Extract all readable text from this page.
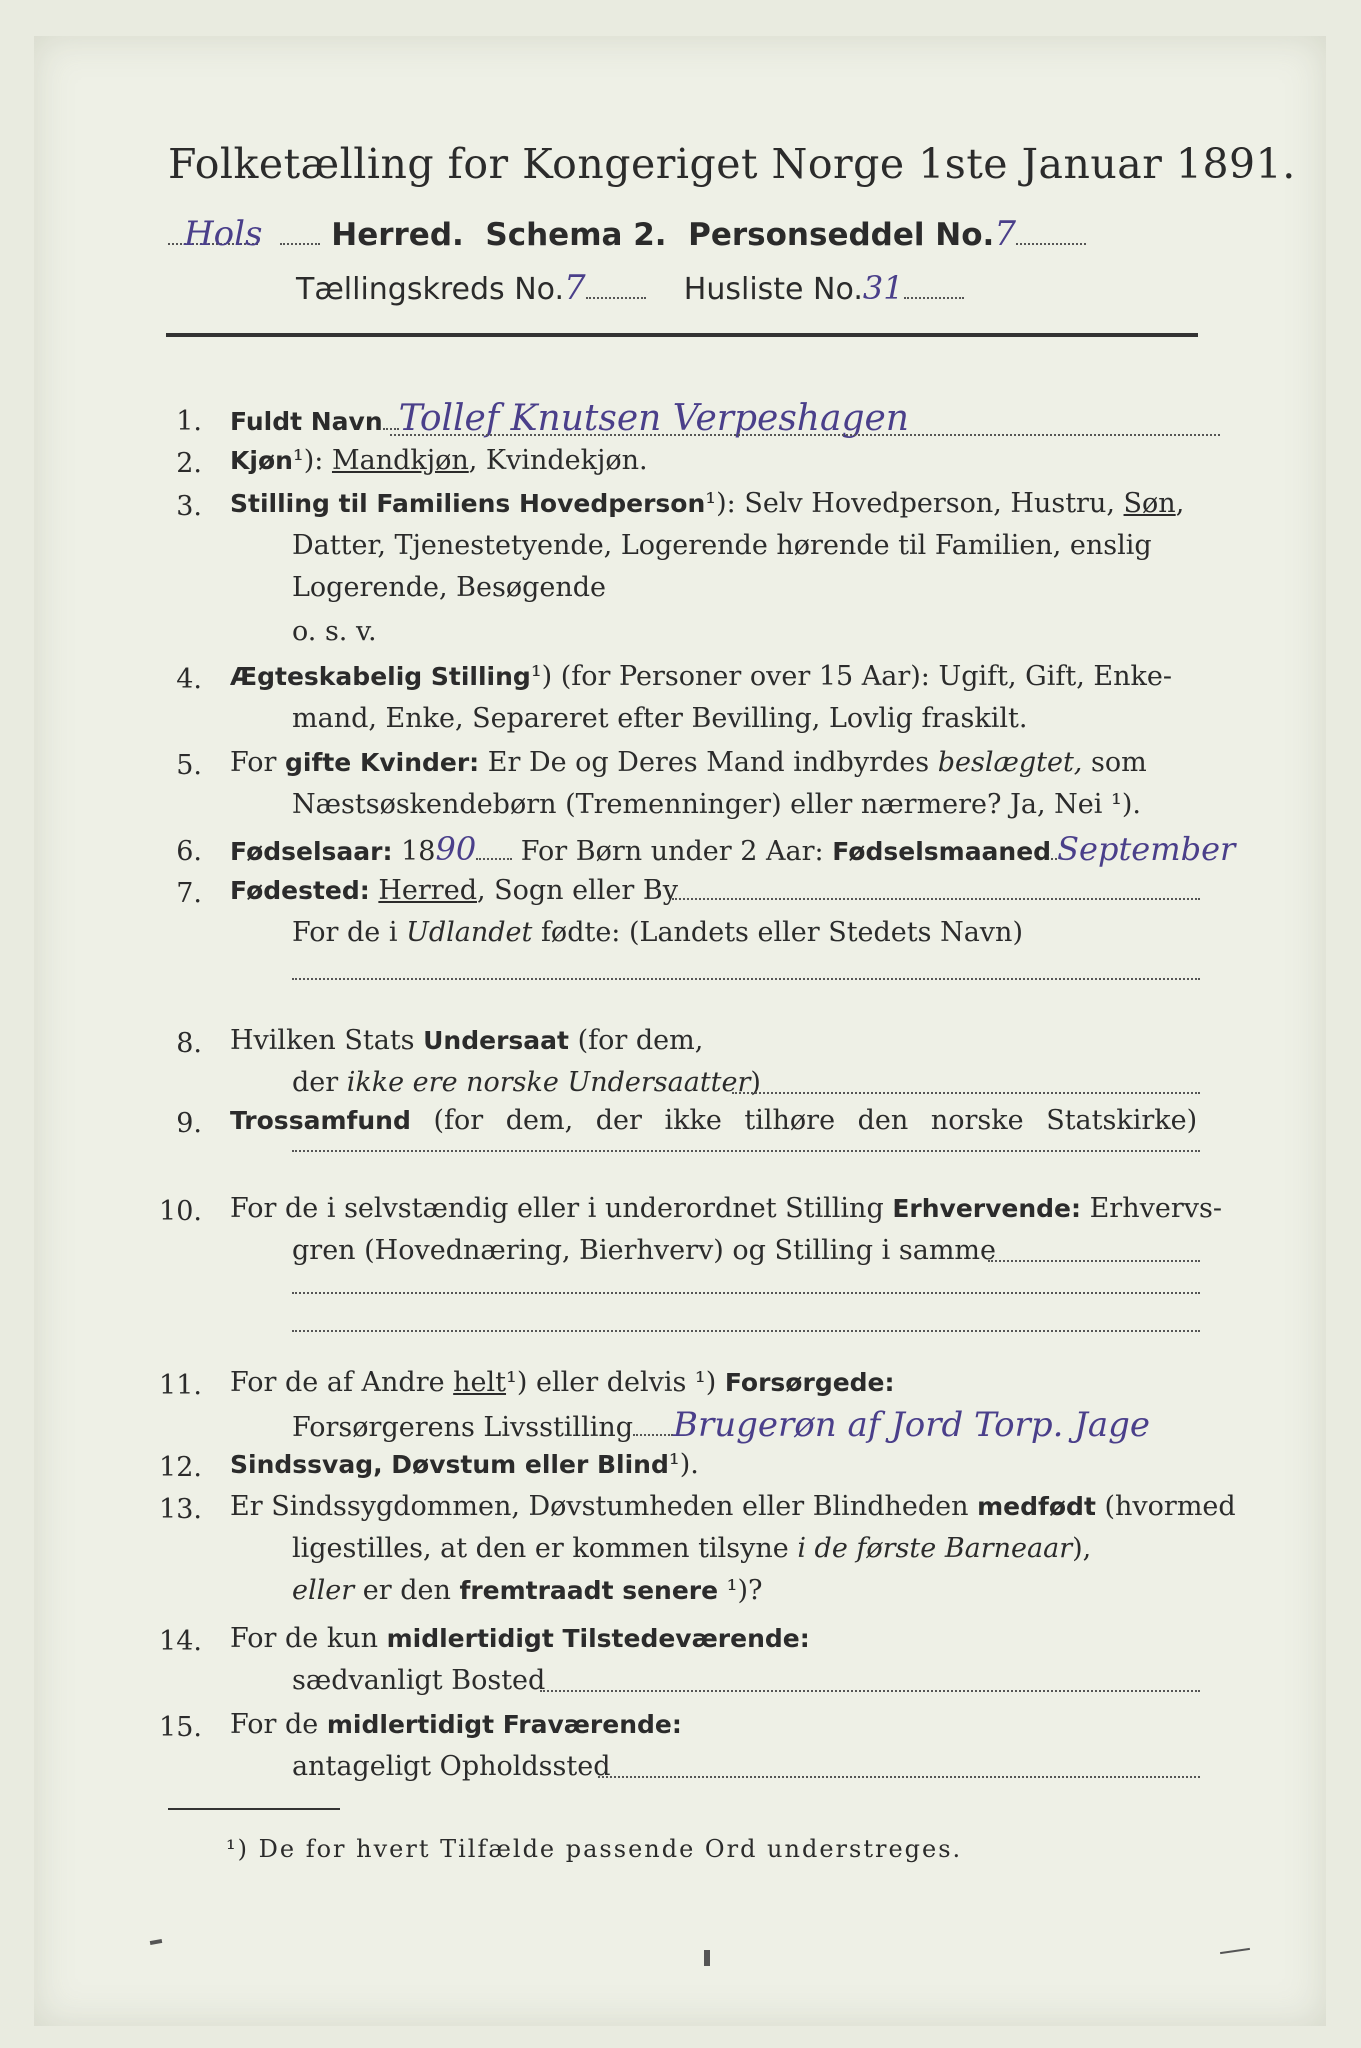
Folketælling for Kongeriget Norge 1ste Januar 1891.
Hols Herred. Schema 2. Personseddel No.7
Tællingskreds No.7	Husliste No.31
1. Fuldt Navn Tollef Knutsen Verpeshagen
2. Kjøn¹): Mandkjøn, Kvindekjøn.
3. Stilling til Familiens Hovedperson¹): Selv Hovedperson, Hustru, Søn,
Datter, Tjenestetyende, Logerende hørende til Familien, enslig
Logerende, Besøgende
o. s. v.
4. Ægteskabelig Stilling¹) (for Personer over 15 Aar): Ugift, Gift, Enke-
mand, Enke, Separeret efter Bevilling, Lovlig fraskilt.
5. For gifte Kvinder: Er De og Deres Mand indbyrdes beslægtet, som
Næstsøskendebørn (Tremenninger) eller nærmere? Ja, Nei ¹).
6. Fødselsaar: 1890 For Børn under 2 Aar: Fødselsmaaned September
7. Fødested: Herred, Sogn eller By
For de i Udlandet fødte: (Landets eller Stedets Navn)
8. Hvilken Stats Undersaat (for dem,
der ikke ere norske Undersaatter)
9. Trossamfund (for dem, der ikke tilhøre den norske Statskirke)
10. For de i selvstændig eller i underordnet Stilling Erhvervende: Erhvervs-
gren (Hovednæring, Bierhverv) og Stilling i samme
11. For de af Andre helt¹) eller delvis ¹) Forsørgede:
Forsørgerens Livsstilling Brugerøn af Jord Torp. Jage
12. Sindssvag, Døvstum eller Blind¹).
13. Er Sindssygdommen, Døvstumheden eller Blindheden medfødt (hvormed
ligestilles, at den er kommen tilsyne i de første Barneaar),
eller er den fremtraadt senere ¹)?
14. For de kun midlertidigt Tilstedeværende:
sædvanligt Bosted
15. For de midlertidigt Fraværende:
antageligt Opholdssted
¹) De for hvert Tilfælde passende Ord understreges.
